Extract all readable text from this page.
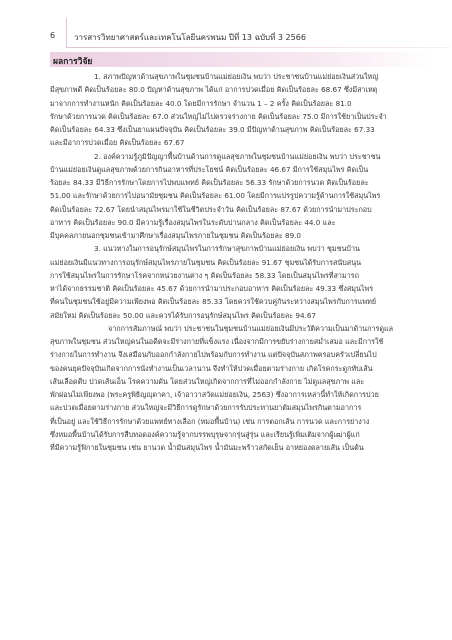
6 วารสารวิทยาศาสตร์และเทคโนโลยีนครพนม ปีที่ 13 ฉบับที่ 3 2566
ผลการวิจัย
1. สภาพปัญหาด้านสุขภาพในชุมชนบ้านแม่ย่อยเงิน พบว่า ประชาชนบ้านแม่ย่อยเงินส่วนใหญ่
มีสุขภาพดี คิดเป็นร้อยละ 80.0 ปัญหาด้านสุขภาพ ได้แก่ อาการปวดเมื่อย คิดเป็นร้อยละ 68.67 ซึ่งมีสาเหตุ
มาจากการทำงานหนัก คิดเป็นร้อยละ 40.0 โดยมีการรักษา จำนวน 1 – 2 ครั้ง คิดเป็นร้อยละ 81.0
รักษาด้วยการนวด คิดเป็นร้อยละ 67.0 ส่วนใหญ่ไม่ไปตรวจร่างกาย คิดเป็นร้อยละ 75.0 มีการใช้ยาเป็นประจำ
คิดเป็นร้อยละ 64.33 ซึ่งเป็นยาแผนปัจจุบัน คิดเป็นร้อยละ 39.0 มีปัญหาด้านสุขภาพ คิดเป็นร้อยละ 67.33
และมีอาการปวดเมื่อย คิดเป็นร้อยละ 67.67
2. องค์ความรู้ภูมิปัญญาพื้นบ้านด้านการดูแลสุขภาพในชุมชนบ้านแม่ย่อยเงิน พบว่า ประชาชน
บ้านแม่ย่อยเงินดูแลสุขภาพด้วยการกินอาหารที่ประโยชน์ คิดเป็นร้อยละ 46.67 มีการใช้สมุนไพร คิดเป็น
ร้อยละ 84.33 มีวิธีการรักษาโดยการไปพบแพทย์ คิดเป็นร้อยละ 56.33 รักษาด้วยการนวด คิดเป็นร้อยละ
51.00 และรักษาด้วยการไปอนามัยชุมชน คิดเป็นร้อยละ 61.00 โดยมีการแปรรูปความรู้ด้านการใช้สมุนไพร
คิดเป็นร้อยละ 72.67 โดยนำสมุนไพรมาใช้ในชีวิตประจำวัน คิดเป็นร้อยละ 87.67 ด้วยการนำมาประกอบ
อาหาร คิดเป็นร้อยละ 90.0 มีความรู้เรื่องสมุนไพรในระดับปานกลาง คิดเป็นร้อยละ 44.0 และ
มีบุคคลภายนอกชุมชนเข้ามาศึกษาเรื่องสมุนไพรภายในชุมชน คิดเป็นร้อยละ 89.0
3. แนวทางในการอนุรักษ์สมุนไพรในการรักษาสุขภาพบ้านแม่ย่อยเงิน พบว่า ชุมชนบ้าน
แม่ย่อยเงินมีแนวทางการอนุรักษ์สมุนไพรภายในชุมชน คิดเป็นร้อยละ 91.67 ชุมชนได้รับการสนับสนุน
การใช้สมุนไพรในการรักษาโรคจากหน่วยงานต่าง ๆ คิดเป็นร้อยละ 58.33 โดยเป็นสมุนไพรที่สามารถ
หาได้จากธรรมชาติ คิดเป็นร้อยละ 45.67 ด้วยการนำมาประกอบอาหาร คิดเป็นร้อยละ 49.33 ซึ่งสมุนไพร
ที่คนในชุมชนใช้อยู่มีความเพียงพอ คิดเป็นร้อยละ 85.33 โดยควรใช้ควบคู่กันระหว่างสมุนไพรกับการแพทย์
สมัยใหม่ คิดเป็นร้อยละ 50.00 และควรได้รับการอนุรักษ์สมุนไพร คิดเป็นร้อยละ 94.67
จากการสัมภาษณ์ พบว่า ประชาชนในชุมชนบ้านแม่ย่อยเงินมีประวัติความเป็นมาด้านการดูแล
สุขภาพในชุมชน ส่วนใหญ่คนในอดีตจะมีร่างกายที่แข็งแรง เนื่องจากมีการขยับร่างกายสม่ำเสมอ และมีการใช้
ร่างกายในการทำงาน จึงเสมือนกับออกกำลังกายไปพร้อมกับการทำงาน แต่ปัจจุบันสภาพครอบครัวเปลี่ยนไป
ของคนยุคปัจจุบันเกิดจากการนั่งทำงานเป็นเวลานาน จึงทำให้ปวดเมื่อยตามร่างกาย เกิดโรคกระดูกทับเส้น
เส้นเลือดตีบ ปวดเส้นเอ็น โรคความดัน โดยส่วนใหญ่เกิดจากการที่ไม่ออกกำลังกาย ไม่ดูแลสุขภาพ และ
พักผ่อนไม่เพียงพอ (พระครูพิธิญญุดาคา, เจ้าอาวาสวัดแม่ย่อยเงิน, 2563) ซึ่งอาการเหล่านี้ทำให้เกิดการปวย
และปวดเมื่อยตามร่างกาย ส่วนใหญ่จะมีวิธีการดูรักษาด้วยการรับประทานยาตัมสมุนไพรกินตามอาการ
ที่เป็นอยู่ และใช้วิธีการรักษาด้วยแพทย์ทางเลือก (หมอพื้นบ้าน) เช่น การตอกเส้น การนวด และการย่างาง
ซึ่งหมอพื้นบ้านได้รับการสืบทอดองค์ความรู้จากบรรพบุรุษจากรุ่นสู่รุ่น และเรียนรู้เพิ่มเติมจากผู้เฒ่าผู้แก่
ที่มีความรู้ฟิกายในชุมชน เช่น ยานวด น้ำมันสมุนไพร น้ำมันมะพร้าวสกัดเย็น อาหย่องดลายเส้น เป็นต้น
